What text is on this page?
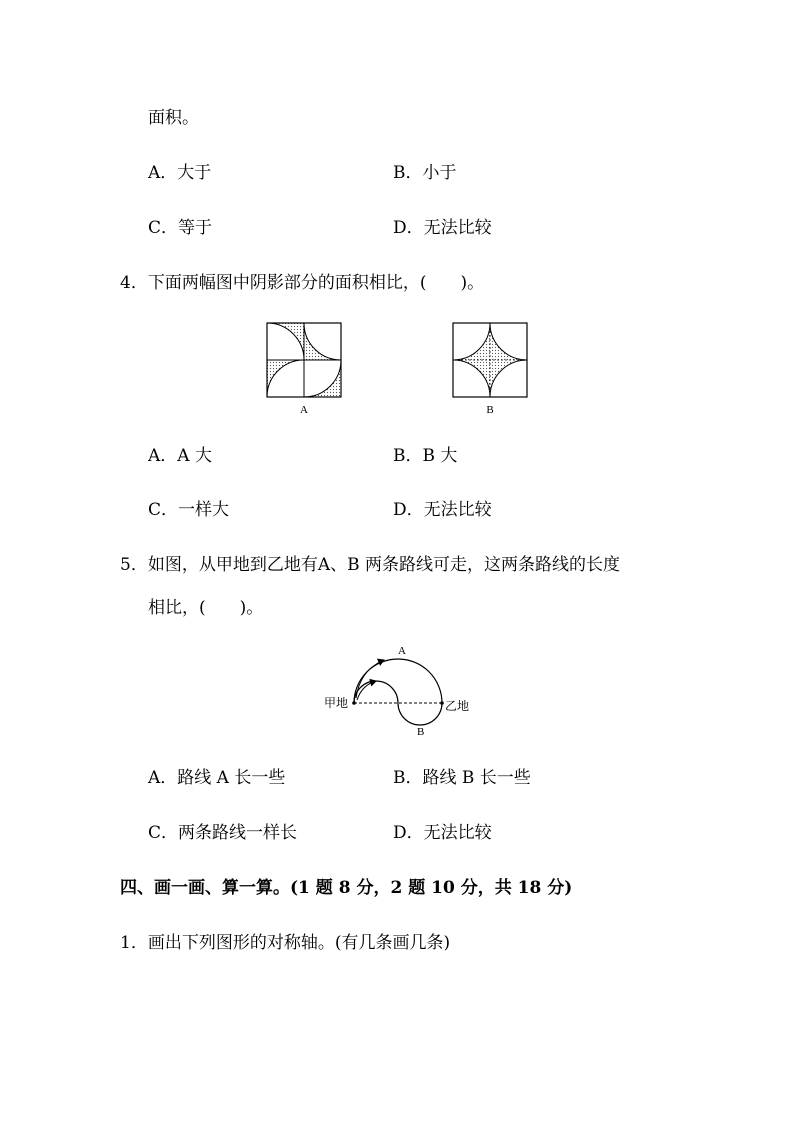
面积。
A．大于	B．小于
C．等于	D．无法比较
4．下面两幅图中阴影部分的面积相比，(　　)。
A	B
A．A 大	B．B 大
C．一样大	D．无法比较
5．如图，从甲地到乙地有A、B 两条路线可走，这两条路线的长度
相比，(　　)。
甲地	乙地
A
B
A．路线 A 长一些	B．路线 B 长一些
C．两条路线一样长	D．无法比较
四、画一画、算一算。(1 题 8 分，2 题 10 分，共 18 分)
1．画出下列图形的对称轴。(有几条画几条)
